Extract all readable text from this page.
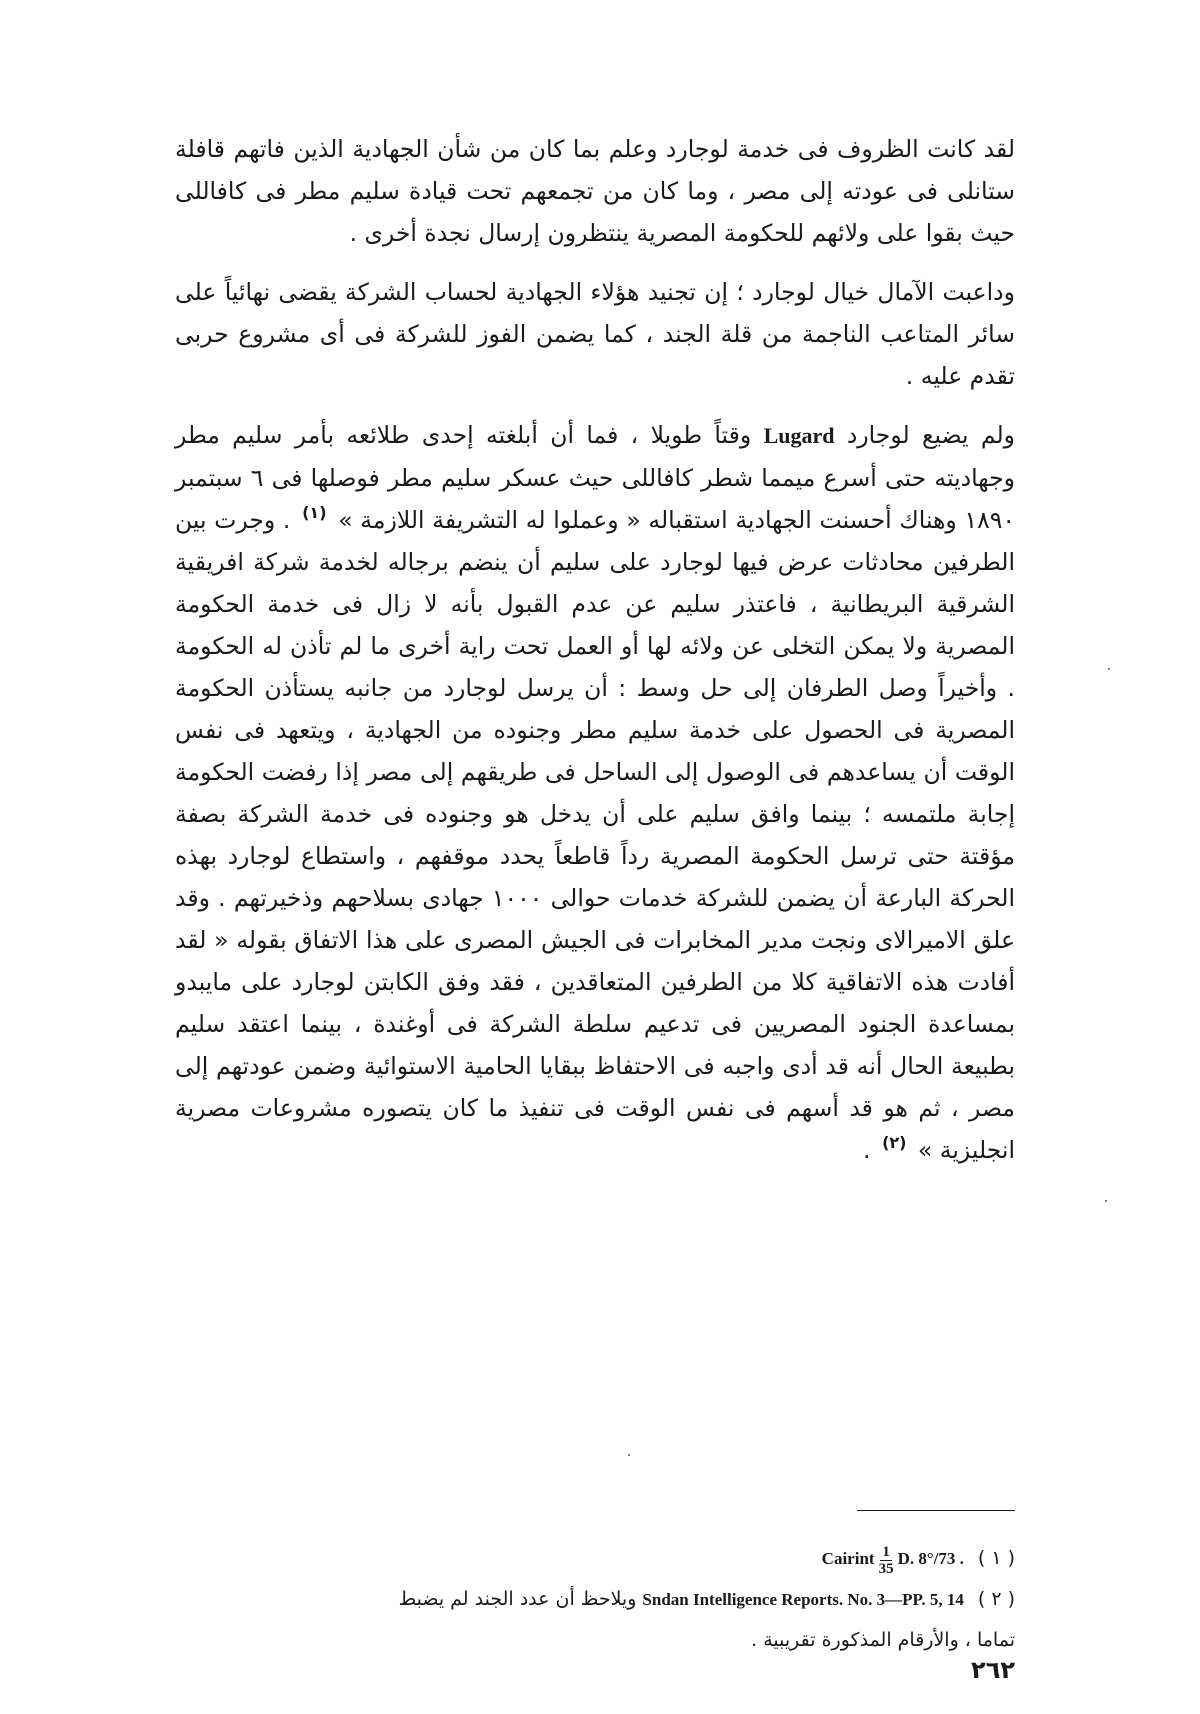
لقد كانت الظروف فى خدمة لوجارد وعلم بما كان من شأن الجهادية الذين فاتهم قافلة ستانلى فى عودته إلى مصر ، وما كان من تجمعهم تحت قيادة سليم مطر فى كافاللى حيث بقوا على ولائهم للحكومة المصرية ينتظرون إرسال نجدة أخرى .

وداعبت الآمال خيال لوجارد ؛ إن تجنيد هؤلاء الجهادية لحساب الشركة يقضى نهائياً على سائر المتاعب الناجمة من قلة الجند ، كما يضمن الفوز للشركة فى أى مشروع حربى تقدم عليه .

ولم يضيع لوجارد Lugard وقتاً طويلا ، فما أن أبلغته إحدى طلائعه بأمر سليم مطر وجهاديته حتى أسرع ميمما شطر كافاللى حيث عسكر سليم مطر فوصلها فى ٦ سبتمبر ١٨٩٠ وهناك أحسنت الجهادية استقباله « وعملوا له التشريفة اللازمة » $^{(١)}$ . وجرت بين الطرفين محادثات عرض فيها لوجارد على سليم أن ينضم برجاله لخدمة شركة افريقية الشرقية البريطانية ، فاعتذر سليم عن عدم القبول بأنه لا زال فى خدمة الحكومة المصرية ولا يمكن التخلى عن ولائه لها أو العمل تحت راية أخرى ما لم تأذن له الحكومة . وأخيراً وصل الطرفان إلى حل وسط : أن يرسل لوجارد من جانبه يستأذن الحكومة المصرية فى الحصول على خدمة سليم مطر وجنوده من الجهادية ، ويتعهد فى نفس الوقت أن يساعدهم فى الوصول إلى الساحل فى طريقهم إلى مصر إذا رفضت الحكومة إجابة ملتمسه ؛ بينما وافق سليم على أن يدخل هو وجنوده فى خدمة الشركة بصفة مؤقتة حتى ترسل الحكومة المصرية رداً قاطعاً يحدد موقفهم ، واستطاع لوجارد بهذه الحركة البارعة أن يضمن للشركة خدمات حوالى ١٠٠٠ جهادى بسلاحهم وذخيرتهم . وقد علق الاميرالاى ونجت مدير المخابرات فى الجيش المصرى على هذا الاتفاق بقوله « لقد أفادت هذه الاتفاقية كلا من الطرفين المتعاقدين ، فقد وفق الكابتن لوجارد على مايبدو بمساعدة الجنود المصريين فى تدعيم سلطة الشركة فى أوغندة ، بينما اعتقد سليم بطبيعة الحال أنه قد أدى واجبه فى الاحتفاظ ببقايا الحامية الاستوائية وضمن عودتهم إلى مصر ، ثم هو قد أسهم فى نفس الوقت فى تنفيذ ما كان يتصوره مشروعات مصرية انجليزية » $^{(٢)}$ .

( ١ )Cairint $\frac{1}{35} D$. 8°/73 .

( ٢ )Sndan Intelligence Reports. No. 3—PP. 5, 14 ويلاحظ أن عدد الجند لم يضبط

تماما ، والأرقام المذكورة تقريبية .

٢٦٢
